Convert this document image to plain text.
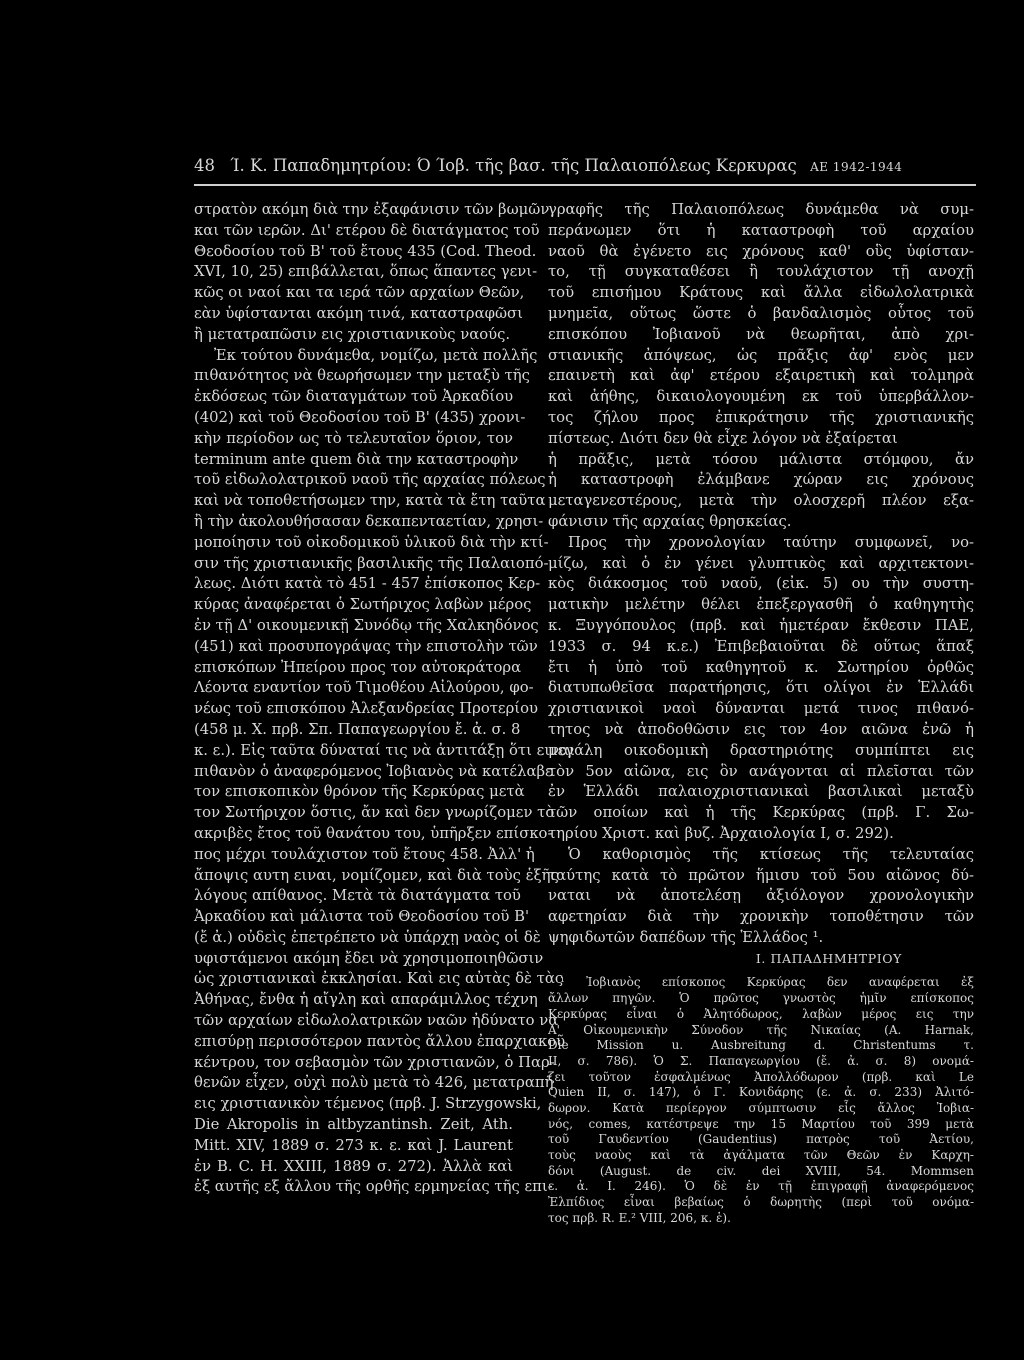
48 Ί. Κ. Παπαδημητρίου: Ό Ίοβ. τῆς βασ. τῆς Παλαιοπόλεως Κερκυρας ΑΕ 1942-1944
στρατὸν ακόμη διὰ την ἐξαφάνισιν τῶν βωμῶν
και τῶν ιερῶν. Δι' ετέρου δὲ διατάγματος τοῦ
Θεοδοσίου τοῦ Β' τοῦ ἔτους 435 (Cod. Theod.
XVI, 10, 25) επιβάλλεται, ὅπως ἅπαντες γενι-
κῶς οι ναοί και τα ιερά τῶν αρχαίων Θεῶν,
εὰν ὑφίστανται ακόμη τινά, καταστραφῶσι
ἢ μετατραπῶσιν εις χριστιανικοὺς ναούς.
Ἐκ τούτου δυνάμεθα, νομίζω, μετὰ πολλῆς
πιθανότητος νὰ θεωρήσωμεν την μεταξὺ τῆς
ἐκδόσεως τῶν διαταγμάτων τοῦ Ἀρκαδίου
(402) καὶ τοῦ Θεοδοσίου τοῦ Β' (435) χρονι-
κὴν περίοδον ως τὸ τελευταῖον ὅριον, τον
terminum ante quem διὰ την καταστροφὴν
τοῦ εἰδωλολατρικοῦ ναοῦ τῆς αρχαίας πόλεως
καὶ νὰ τοποθετήσωμεν την, κατὰ τὰ ἔτη ταῦτα
ἢ τὴν ἀκολουθήσασαν δεκαπενταετίαν, χρησι-
μοποίησιν τοῦ οἰκοδομικοῦ ὑλικοῦ διὰ τὴν κτί-
σιν τῆς χριστιανικῆς βασιλικῆς τῆς Παλαιοπό-
λεως. Διότι κατὰ τὸ 451 - 457 ἐπίσκοπος Κερ-
κύρας ἀναφέρεται ὁ Σωτήριχος λαβὼν μέρος
ἐν τῇ Δ' οικουμενικῇ Συνόδῳ τῆς Χαλκηδόνος
(451) καὶ προσυπογράψας τὴν επιστολὴν τῶν
επισκόπων Ἠπείρου προς τον αὐτοκράτορα
Λέοντα εναντίον τοῦ Τιμοθέου Αἰλούρου, φο-
νέως τοῦ επισκόπου Ἀλεξανδρείας Προτερίου
(458 μ. Χ. πρβ. Σπ. Παπαγεωργίου ἔ. ἀ. σ. 8
κ. ε.). Εἰς ταῦτα δύναταί τις νὰ ἀντιτάξῃ ὅτι ειναι
πιθανὸν ὁ ἀναφερόμενος Ἰοβιανὸς νὰ κατέλαβε
τον επισκοπικὸν θρόνον τῆς Κερκύρας μετὰ
τον Σωτήριχον ὅστις, ἄν καὶ δεν γνωρίζομεν τὸ
ακριβὲς ἔτος τοῦ θανάτου του, ὑπῆρξεν επίσκο-
πος μέχρι τουλάχιστον τοῦ ἔτους 458. Ἀλλ' ἡ
ἄποψις αυτη ειναι, νομίζομεν, καὶ διὰ τοὺς ἑξῆς
λόγους απίθανος. Μετὰ τὰ διατάγματα τοῦ
Ἀρκαδίου καὶ μάλιστα τοῦ Θεοδοσίου τοῦ Β'
(ἔ ἀ.) οὐδεὶς ἐπετρέπετο νὰ ὑπάρχῃ ναὸς οἱ δὲ
υφιστάμενοι ακόμη ἔδει νὰ χρησιμοποιηθῶσιν
ὡς χριστιανικαὶ ἐκκλησίαι. Καὶ εις αὐτὰς δὲ τὰς
Ἀθήνας, ἔνθα ἡ αἴγλη καὶ απαράμιλλος τέχνη
τῶν αρχαίων εἰδωλολατρικῶν ναῶν ἠδύνατο νὰ
επισύρῃ περισσότερον παντὸς ἄλλου ἐπαρχιακοῦ
κέντρου, τον σεβασμὸν τῶν χριστιανῶν, ὁ Παρ-
θενῶν εἶχεν, οὐχὶ πολὺ μετὰ τὸ 426, μετατραπῆ
εις χριστιανικὸν τέμενος (πρβ. J. Strzygowski,
Die Akropolis in altbyzantinsh. Zeit, Ath.
Mitt. XIV, 1889 σ. 273 κ. ε. καὶ J. Laurent
ἐν Β. C. Η. XXIII, 1889 σ. 272). Ἀλλὰ καὶ
ἐξ αυτῆς εξ ἄλλου τῆς ορθῆς ερμηνείας τῆς επι-
γραφῆς τῆς Παλαιοπόλεως δυνάμεθα νὰ συμ-
περάνωμεν ὅτι ἡ καταστροφὴ τοῦ αρχαίου
ναοῦ θὰ ἐγένετο εις χρόνους καθ' οὓς ὑφίσταν-
το, τῇ συγκαταθέσει ἢ τουλάχιστον τῇ ανοχῇ
τοῦ επισήμου Κράτους καὶ ἄλλα εἰδωλολατρικὰ
μνημεῖα, οὕτως ὥστε ὁ βανδαλισμὸς οὗτος τοῦ
επισκόπου Ἰοβιανοῦ νὰ θεωρῆται, ἀπὸ χρι-
στιανικῆς ἀπόψεως, ὡς πρᾶξις ἀφ' ενὸς μεν
επαινετὴ καὶ ἀφ' ετέρου εξαιρετικὴ καὶ τολμηρὰ
καὶ ἀήθης, δικαιολογουμένη εκ τοῦ ὑπερβάλλον-
τος ζήλου προς ἐπικράτησιν τῆς χριστιανικῆς
πίστεως. Διότι δεν θὰ εἶχε λόγον νὰ ἐξαίρεται
ἡ πρᾶξις, μετὰ τόσου μάλιστα στόμφου, ἄν
ἡ καταστροφὴ ἐλάμβανε χώραν εις χρόνους
μεταγενεστέρους, μετὰ τὴν ολοσχερῆ πλέον εξα-
φάνισιν τῆς αρχαίας θρησκείας.
Προς τὴν χρονολογίαν ταύτην συμφωνεῖ, νο-
μίζω, καὶ ὁ ἐν γένει γλυπτικὸς καὶ αρχιτεκτονι-
κὸς διάκοσμος τοῦ ναοῦ, (εἰκ. 5) ου τὴν συστη-
ματικὴν μελέτην θέλει ἐπεξεργασθῆ ὁ καθηγητὴς
κ. Ξυγγόπουλος (πρβ. καὶ ἡμετέραν ἔκθεσιν ΠΑΕ,
1933 σ. 94 κ.ε.) Ἐπιβεβαιοῦται δὲ οὕτως ἅπαξ
ἔτι ἡ ὑπὸ τοῦ καθηγητοῦ κ. Σωτηρίου ὀρθῶς
διατυπωθεῖσα παρατήρησις, ὅτι ολίγοι ἐν Ἑλλάδι
χριστιανικοὶ ναοὶ δύνανται μετά τινος πιθανό-
τητος νὰ ἀποδοθῶσιν εις τον 4ον αιῶνα ἐνῶ ἡ
μεγάλη οικοδομικὴ δραστηριότης συμπίπτει εις
τὸν 5ον αἰῶνα, εις ὃν ανάγονται αἱ πλεῖσται τῶν
ἐν Ἑλλάδι παλαιοχριστιανικαὶ βασιλικαὶ μεταξὺ
τῶν οποίων καὶ ἡ τῆς Κερκύρας (πρβ. Γ. Σω-
τηρίου Χριστ. καὶ βυζ. Ἀρχαιολογία Ι, σ. 292).
Ὁ καθορισμὸς τῆς κτίσεως τῆς τελευταίας
ταύτης κατὰ τὸ πρῶτον ἥμισυ τοῦ 5ου αἰῶνος δύ-
ναται νὰ ἀποτελέσῃ ἀξιόλογον χρονολογικὴν
αφετηρίαν διὰ τὴν χρονικὴν τοποθέτησιν τῶν
ψηφιδωτῶν δαπέδων τῆς Ἑλλάδος ¹.
Ι. ΠΑΠΑΔΗΜΗΤΡΙΟΥ
¹ Ἰοβιανὸς επίσκοπος Κερκύρας δεν αναφέρεται ἐξ
ἄλλων πηγῶν. Ὁ πρῶτος γνωστὸς ἡμῖν επίσκοπος
Κερκύρας εἶναι ὁ Ἀλητόδωρος, λαβὼν μέρος εις την
Α' Οἰκουμενικὴν Σύνοδον τῆς Νικαίας (Α. Harnak,
Die Mission u. Ausbreitung d. Christentums τ.
ΙΙ, σ. 786). Ὁ Σ. Παπαγεωργίου (ἔ. ἀ. σ. 8) ονομά-
ζει τοῦτον ἐσφαλμένως Ἀπολλόδωρον (πρβ. καὶ Le
Quien ΙΙ, σ. 147), ὁ Γ. Κονιδάρης (ε. ἀ. σ. 233) Ἀλιτό-
δωρον. Κατὰ περίεργον σύμπτωσιν εἷς ἄλλος Ἰοβια-
νός, comes, κατέστρεψε την 15 Μαρτίου τοῦ 399 μετὰ
τοῦ Γαυδεντίου (Gaudentius) πατρὸς τοῦ Ἀετίου,
τοὺς ναοὺς καὶ τὰ ἀγάλματα τῶν Θεῶν ἐν Καρχη-
δόνι (August. de civ. dei XVIII, 54. Mommsen
ε. ἀ. I. 246). Ὁ δὲ ἐν τῇ ἐπιγραφῇ ἀναφερόμενος
Ἐλπίδιος εἶναι βεβαίως ὁ δωρητὴς (περὶ τοῦ ονόμα-
τος πρβ. R. Ε.² VIII, 206, κ. ἑ).
